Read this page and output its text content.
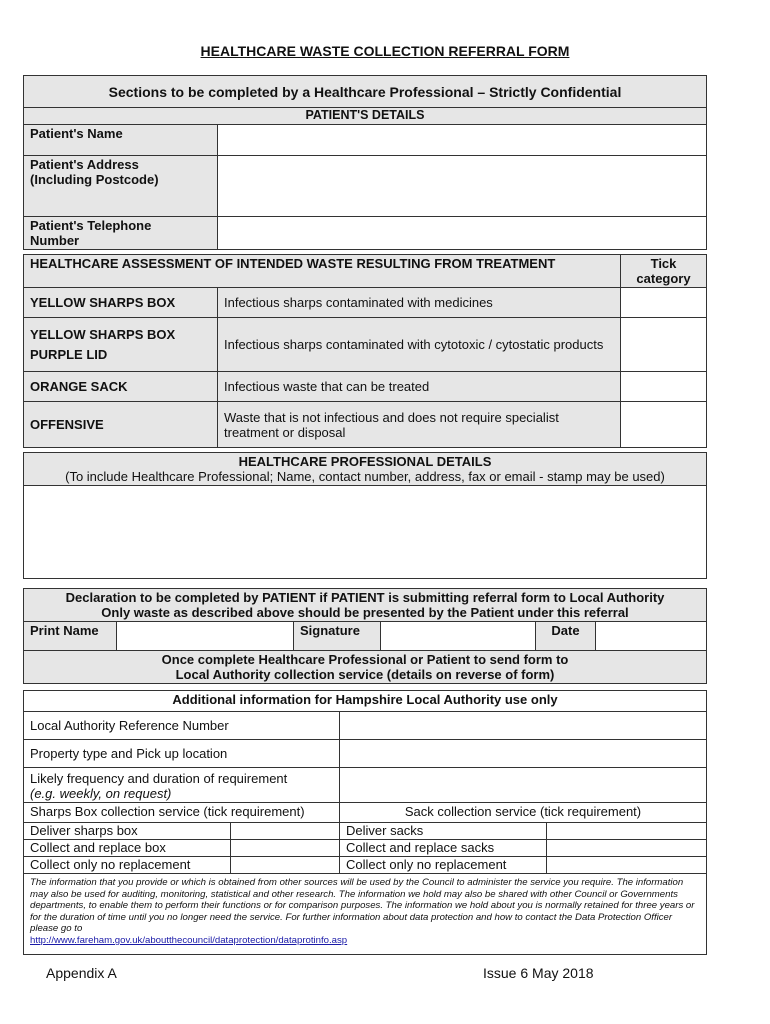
HEALTHCARE WASTE COLLECTION REFERRAL FORM
Sections to be completed by a Healthcare Professional – Strictly Confidential	
PATIENT'S DETAILS	
Patient's Name	

Patient's Address
(Including Postcode)	

Patient's Telephone
Number	

HEALTHCARE ASSESSMENT OF INTENDED WASTE RESULTING FROM TREATMENT		Tick
category

YELLOW SHARPS BOX	Infectious sharps contaminated with medicines	

YELLOW SHARPS BOX
PURPLE LID	Infectious sharps contaminated with cytotoxic / cytostatic products	
ORANGE SACK	Infectious waste that can be treated	
OFFENSIVE	Waste that is not infectious and does not require specialist treatment or disposal	
HEALTHCARE PROFESSIONAL DETAILS
(To include Healthcare Professional; Name, contact number, address, fax or email - stamp may be used)

Declaration to be completed by PATIENT if PATIENT is submitting referral form to Local Authority
Only waste as described above should be presented by the Patient under this referral

Print Name		Signature		Date	

Once complete Healthcare Professional or Patient to send form to
Local Authority collection service (details on reverse of form)
Additional information for Hampshire Local Authority use only			
Local Authority Reference Number			
Property type and Pick up location			

Likely frequency and duration of requirement
(e.g. weekly, on request)			

Sharps Box collection service (tick requirement)		Sack collection service (tick requirement)	
Deliver sharps box		Deliver sacks	
Collect and replace box		Collect and replace sacks	
Collect only no replacement		Collect only no replacement	
The information that you provide or which is obtained from other sources will be used by the Council to administer the service you require. The information may also be used for auditing, monitoring, statistical and other research. The information we hold may also be shared with other Council or Governments departments, to enable them to perform their functions or for comparison purposes. The information we hold about you is normally retained for three years or for the duration of time until you no longer need the service. For further information about data protection and how to contact the Data Protection Officer please go to
http://www.fareham.gov.uk/aboutthecouncil/dataprotection/dataprotinfo.asp			
Appendix A	Issue 6 May 2018
